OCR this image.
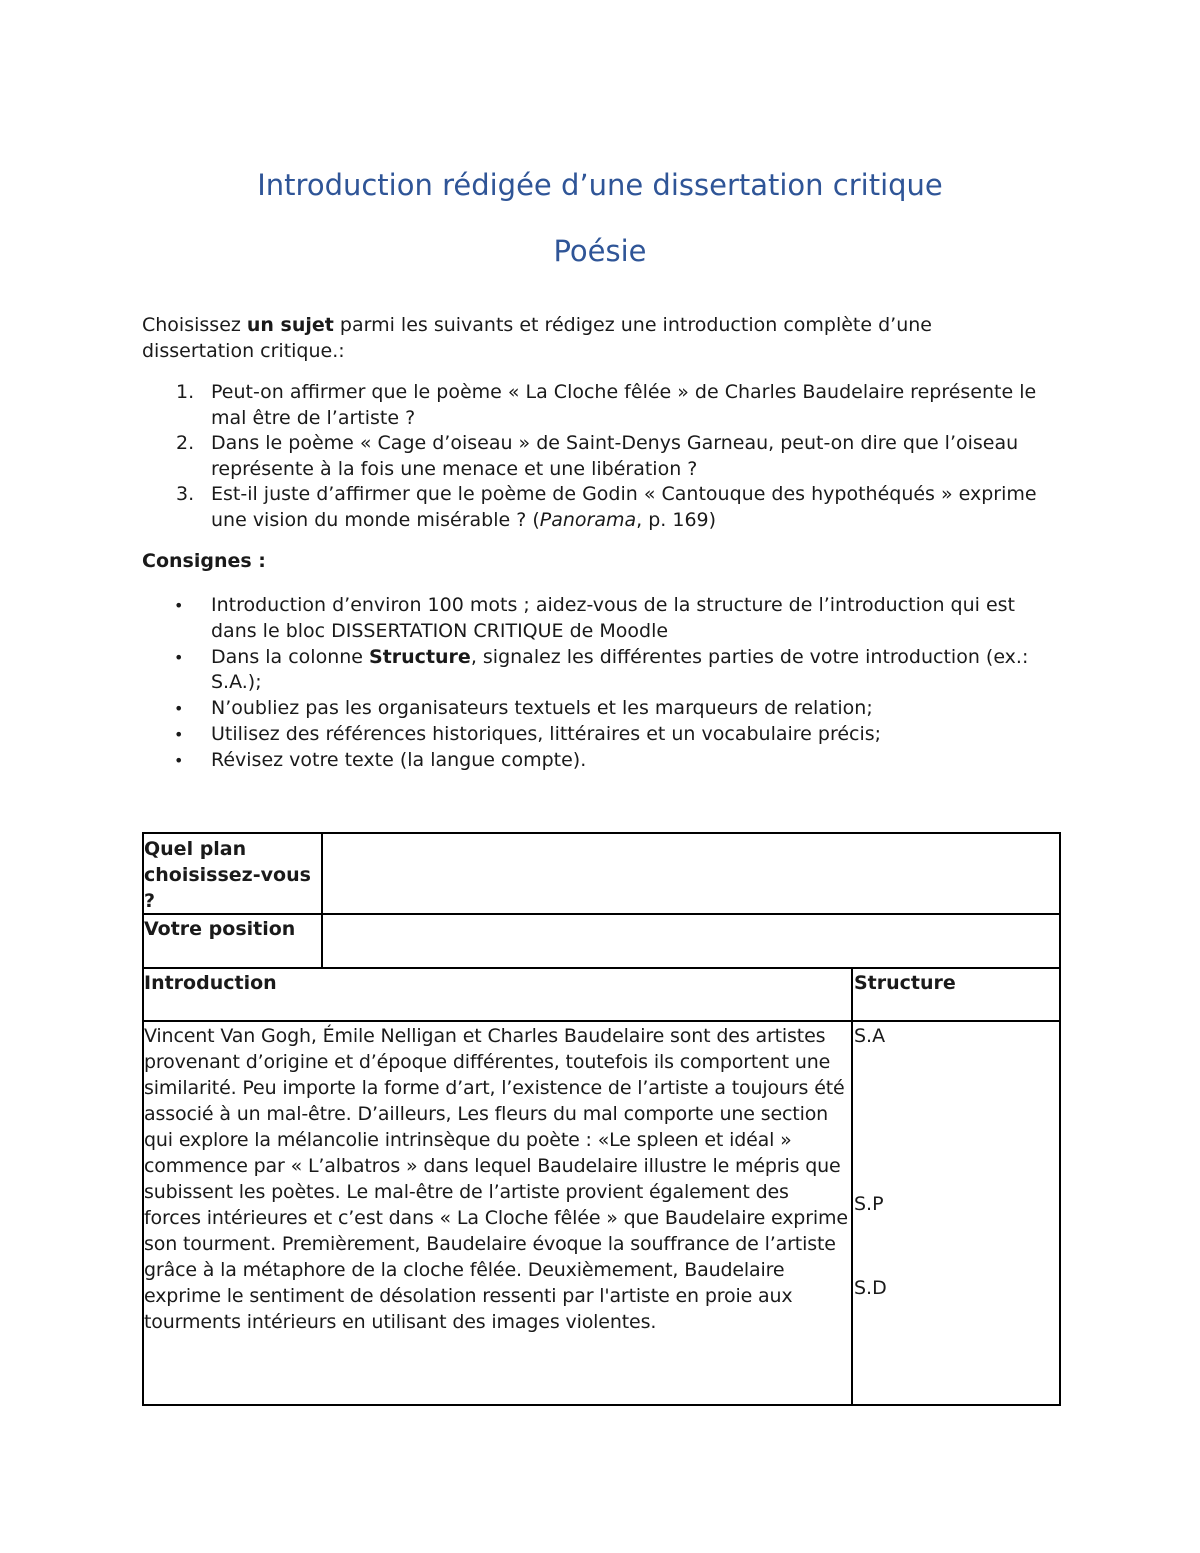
Introduction rédigée d’une dissertation critique
Poésie
Choisissez un sujet parmi les suivants et rédigez une introduction complète d’une dissertation critique.:
1. Peut-on affirmer que le poème « La Cloche fêlée » de Charles Baudelaire représente le mal être de l’artiste ?
2. Dans le poème « Cage d’oiseau » de Saint-Denys Garneau, peut-on dire que l’oiseau représente à la fois une menace et une libération ?
3. Est-il juste d’affirmer que le poème de Godin « Cantouque des hypothéqués » exprime une vision du monde misérable ? (Panorama, p. 169)
Consignes :
• Introduction d’environ 100 mots ; aidez-vous de la structure de l’introduction qui est dans le bloc DISSERTATION CRITIQUE de Moodle
• Dans la colonne Structure, signalez les différentes parties de votre introduction (ex.: S.A.);
• N’oubliez pas les organisateurs textuels et les marqueurs de relation;
• Utilisez des références historiques, littéraires et un vocabulaire précis;
• Révisez votre texte (la langue compte).
Quel plan choisissez-vous ?
Votre position
Introduction	Structure
Vincent Van Gogh, Émile Nelligan et Charles Baudelaire sont des artistes provenant d’origine et d’époque différentes, toutefois ils comportent une similarité. Peu importe la forme d’art, l’existence de l’artiste a toujours été associé à un mal-être. D’ailleurs, Les fleurs du mal comporte une section qui explore la mélancolie intrinsèque du poète : «Le spleen et idéal » commence par « L’albatros » dans lequel Baudelaire illustre le mépris que subissent les poètes. Le mal-être de l’artiste provient également des forces intérieures et c’est dans « La Cloche fêlée » que Baudelaire exprime son tourment. Premièrement, Baudelaire évoque la souffrance de l’artiste grâce à la métaphore de la cloche fêlée. Deuxièmement, Baudelaire exprime le sentiment de désolation ressenti par l'artiste en proie aux tourments intérieurs en utilisant des images violentes.
S.A
S.P
S.D
